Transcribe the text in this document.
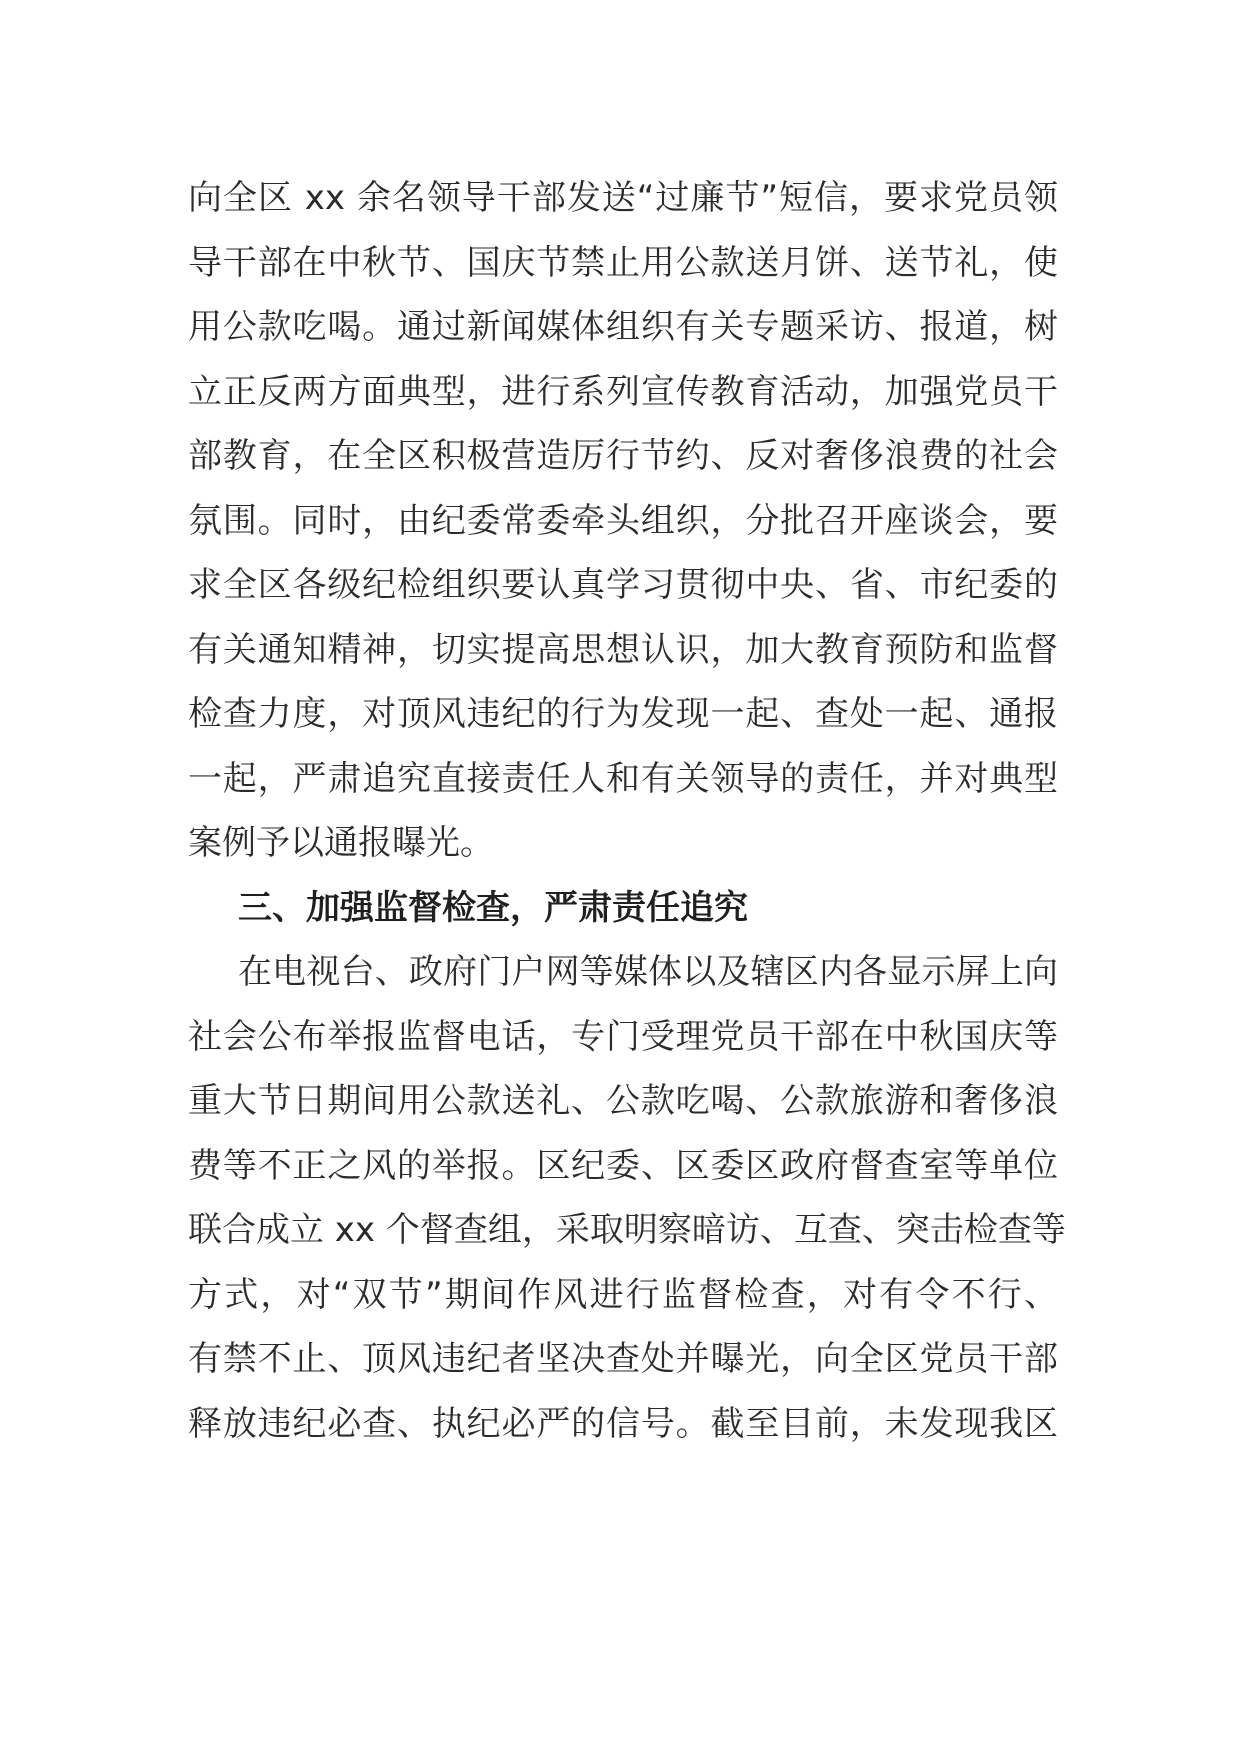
向全区 xx 余名领导干部发送“过廉节”短信，要求党员领
导干部在中秋节、国庆节禁止用公款送月饼、送节礼，使
用公款吃喝。通过新闻媒体组织有关专题采访、报道，树
立正反两方面典型，进行系列宣传教育活动，加强党员干
部教育，在全区积极营造厉行节约、反对奢侈浪费的社会
氛围。同时，由纪委常委牵头组织，分批召开座谈会，要
求全区各级纪检组织要认真学习贯彻中央、省、市纪委的
有关通知精神，切实提高思想认识，加大教育预防和监督
检查力度，对顶风违纪的行为发现一起、查处一起、通报
一起，严肃追究直接责任人和有关领导的责任，并对典型
案例予以通报曝光。
三、加强监督检查，严肃责任追究
在电视台、政府门户网等媒体以及辖区内各显示屏上向
社会公布举报监督电话，专门受理党员干部在中秋国庆等
重大节日期间用公款送礼、公款吃喝、公款旅游和奢侈浪
费等不正之风的举报。区纪委、区委区政府督查室等单位
联合成立 xx 个督查组，采取明察暗访、互查、突击检查等
方式，对“双节”期间作风进行监督检查，对有令不行、
有禁不止、顶风违纪者坚决查处并曝光，向全区党员干部
释放违纪必查、执纪必严的信号。截至目前，未发现我区
